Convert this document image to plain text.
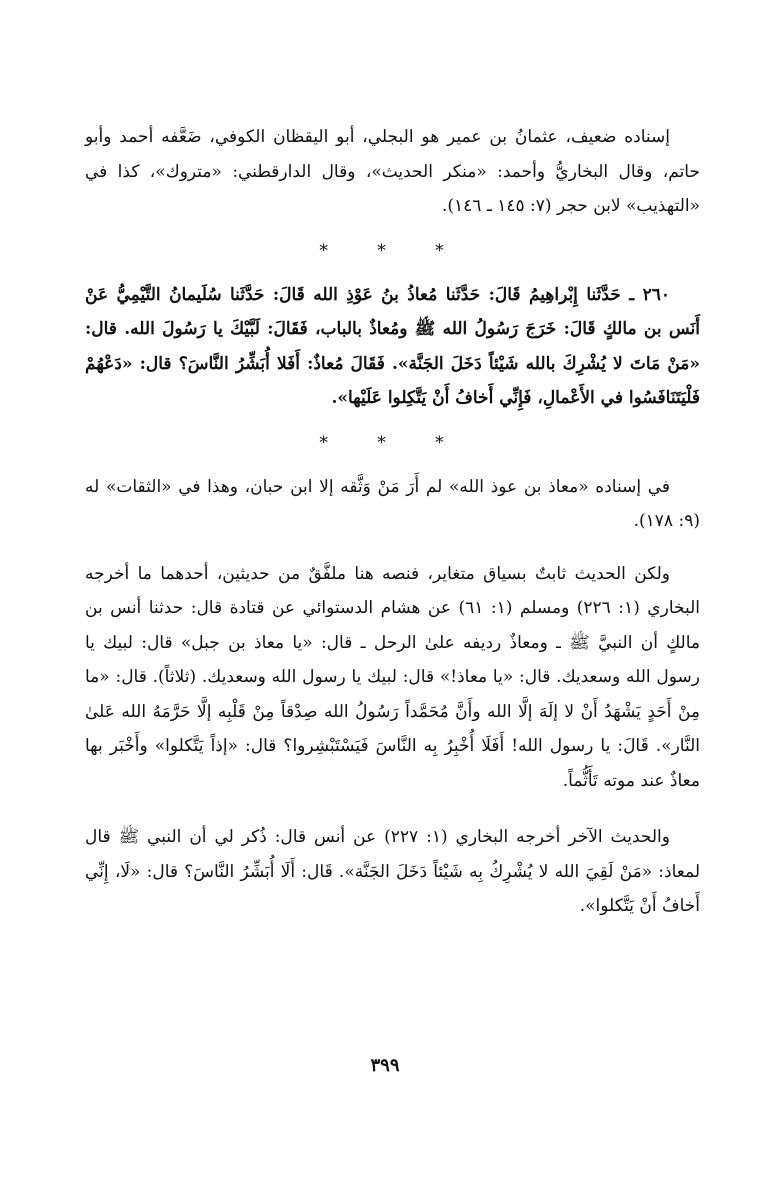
إسناده ضعيف، عثمانُ بن عمير هو البجلي، أبو اليقظان الكوفي، ضَعَّفه أحمد وأبو حاتم، وقال البخاريُّ وأحمد: «منكر الحديث»، وقال الدارقطني: «متروك»، كذا في «التهذيب» لابن حجر (٧: ١٤٥ ـ ١٤٦).

* * *

٢٦٠ ـ حَدَّثَنا إِبْراهِيمُ قَالَ: حَدَّثَنا مُعاذُ بنُ عَوْذِ الله قَالَ: حَدَّثَنا سُلَيمانُ التَّيْمِيُّ عَنْ أَنَس بن مالكٍ قَالَ: خَرَجَ رَسُولُ الله ﷺ ومُعاذٌ بالباب، فَقَالَ: لَبَّيْكَ يا رَسُولَ الله. قال: «مَنْ مَاتَ لا يُشْرِكَ بالله شَيْئاً دَخَلَ الجَنَّة». فَقَالَ مُعاذٌ: أَفَلا أُبَشِّرُ النَّاسَ؟ قال: «دَعْهُمْ فَلْيَتَنَافَسُوا في الأَعْمالِ، فَإِنِّي أَخافُ أَنْ يَتَّكِلوا عَلَيْها».

* * *

في إسناده «معاذ بن عوذ الله» لم أَرَ مَنْ وَثَّقه إلا ابن حبان، وهذا في «الثقات» له (٩: ١٧٨).

ولكن الحديث ثابتٌ بسياق متغاير، فنصه هنا ملفَّقٌ من حديثين، أحدهما ما أخرجه البخاري (١: ٢٢٦) ومسلم (١: ٦١) عن هشام الدستوائي عن قتادة قال: حدثنا أنس بن مالكٍ أن النبيَّ ﷺ ـ ومعاذٌ رديفه علىٰ الرحل ـ قال: «يا معاذ بن جبل» قال: لبيك يا رسول الله وسعديك. قال: «يا معاذ!» قال: لبيك يا رسول الله وسعديك. (ثلاثاً). قال: «ما مِنْ أَحَدٍ يَشْهَدُ أَنْ لا إلَهَ إلَّا الله وأَنَّ مُحَمَّداً رَسُولُ الله صِدْقاً مِنْ قَلْبِه إلَّا حَرَّمَهُ الله عَلىٰ النَّار». قَالَ: يا رسول الله! أَفَلَا أُخْبِرُ بِه النَّاسَ فَيَسْتَبْشِروا؟ قال: «إذاً يَتَّكلوا» وأَخْبَر بها معاذٌ عند موته تَأَثُّماً.

والحديث الآخر أخرجه البخاري (١: ٢٢٧) عن أنس قال: ذُكر لي أن النبي ﷺ قال لمعاذ: «مَنْ لَقِيَ الله لا يُشْرِكُ بِه شَيْئاً دَخَلَ الجَنَّة». قَال: أَلَا أُبَشِّرُ النَّاسَ؟ قال: «لَا، إِنِّي أَخافُ أَنْ يَتَّكلوا».

٣٩٩
